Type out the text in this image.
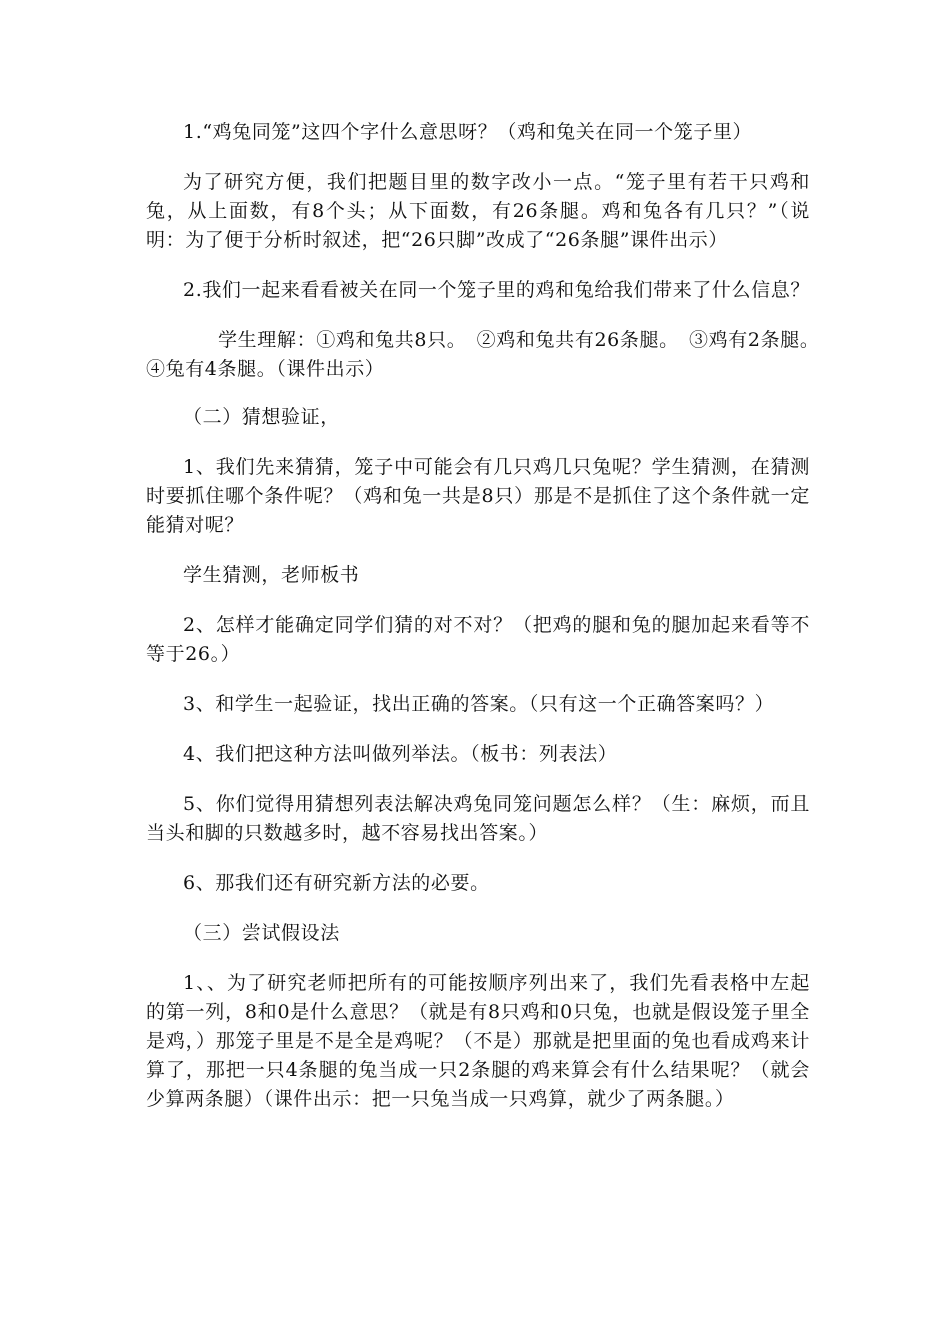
1.“鸡兔同笼”这四个字什么意思呀？（鸡和兔关在同一个笼子里）

为了研究方便，我们把题目里的数字改小一点。“笼子里有若干只鸡和兔，从上面数，有8个头；从下面数，有26条腿。鸡和兔各有几只？”（说明：为了便于分析时叙述，把“26只脚”改成了“26条腿”课件出示）

2.我们一起来看看被关在同一个笼子里的鸡和兔给我们带来了什么信息？

学生理解：①鸡和兔共8只。　②鸡和兔共有26条腿。　③鸡有2条腿。　　④兔有4条腿。（课件出示）

（二）猜想验证，

1、我们先来猜猜，笼子中可能会有几只鸡几只兔呢？学生猜测，在猜测时要抓住哪个条件呢？（鸡和兔一共是8只）那是不是抓住了这个条件就一定能猜对呢？

学生猜测，老师板书

2、怎样才能确定同学们猜的对不对？（把鸡的腿和兔的腿加起来看等不等于26。）

3、和学生一起验证，找出正确的答案。（只有这一个正确答案吗？）

4、我们把这种方法叫做列举法。（板书：列表法）

5、你们觉得用猜想列表法解决鸡兔同笼问题怎么样？（生：麻烦，而且当头和脚的只数越多时，越不容易找出答案。）

6、那我们还有研究新方法的必要。

（三）尝试假设法

1、、为了研究老师把所有的可能按顺序列出来了，我们先看表格中左起的第一列，8和0是什么意思？（就是有8只鸡和0只兔，也就是假设笼子里全是鸡，）那笼子里是不是全是鸡呢？（不是）那就是把里面的兔也看成鸡来计算了，那把一只4条腿的兔当成一只2条腿的鸡来算会有什么结果呢？（就会少算两条腿）（课件出示：把一只兔当成一只鸡算，就少了两条腿。）
